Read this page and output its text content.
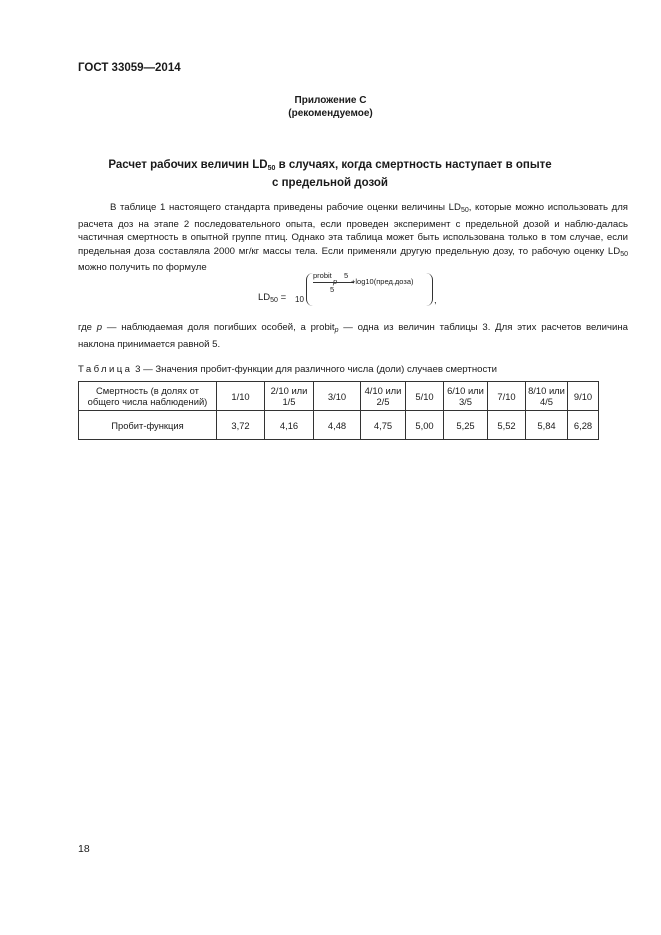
ГОСТ 33059—2014
Приложение С
(рекомендуемое)
Расчет рабочих величин $LD_{50}$ в случаях, когда смертность наступает в опыте
с предельной дозой
В таблице 1 настоящего стандарта приведены рабочие оценки величины $LD_{50}$, которые можно использовать для расчета доз на этапе 2 последовательного опыта, если проведен эксперимент с предельной дозой и наблю-далась частичная смертность в опытной группе птиц. Однако эта таблица может быть использована только в том случае, если предельная доза составляла 2000 мг/кг массы тела. Если применяли другую предельную дозу, то рабочую оценку $LD_{50}$ можно получить по формуле
$LD_{50} = 10$
probit
p
5
5
+log10(пред.доза)
,
где p — наблюдаемая доля погибших особей, а probit$_p$ — одна из величин таблицы 3. Для этих расчетов величина наклона принимается равной 5.
Таблица 3 — Значения пробит-функции для различного числа (доли) случаев смертности
Смертность (в долях от общего числа наблюдений)	1/10	2/10 или 1/5	3/10	4/10 или 2/5	5/10	6/10 или 3/5	7/10	8/10 или 4/5	9/10
Пробит-функция	3,72	4,16	4,48	4,75	5,00	5,25	5,52	5,84	6,28
18
